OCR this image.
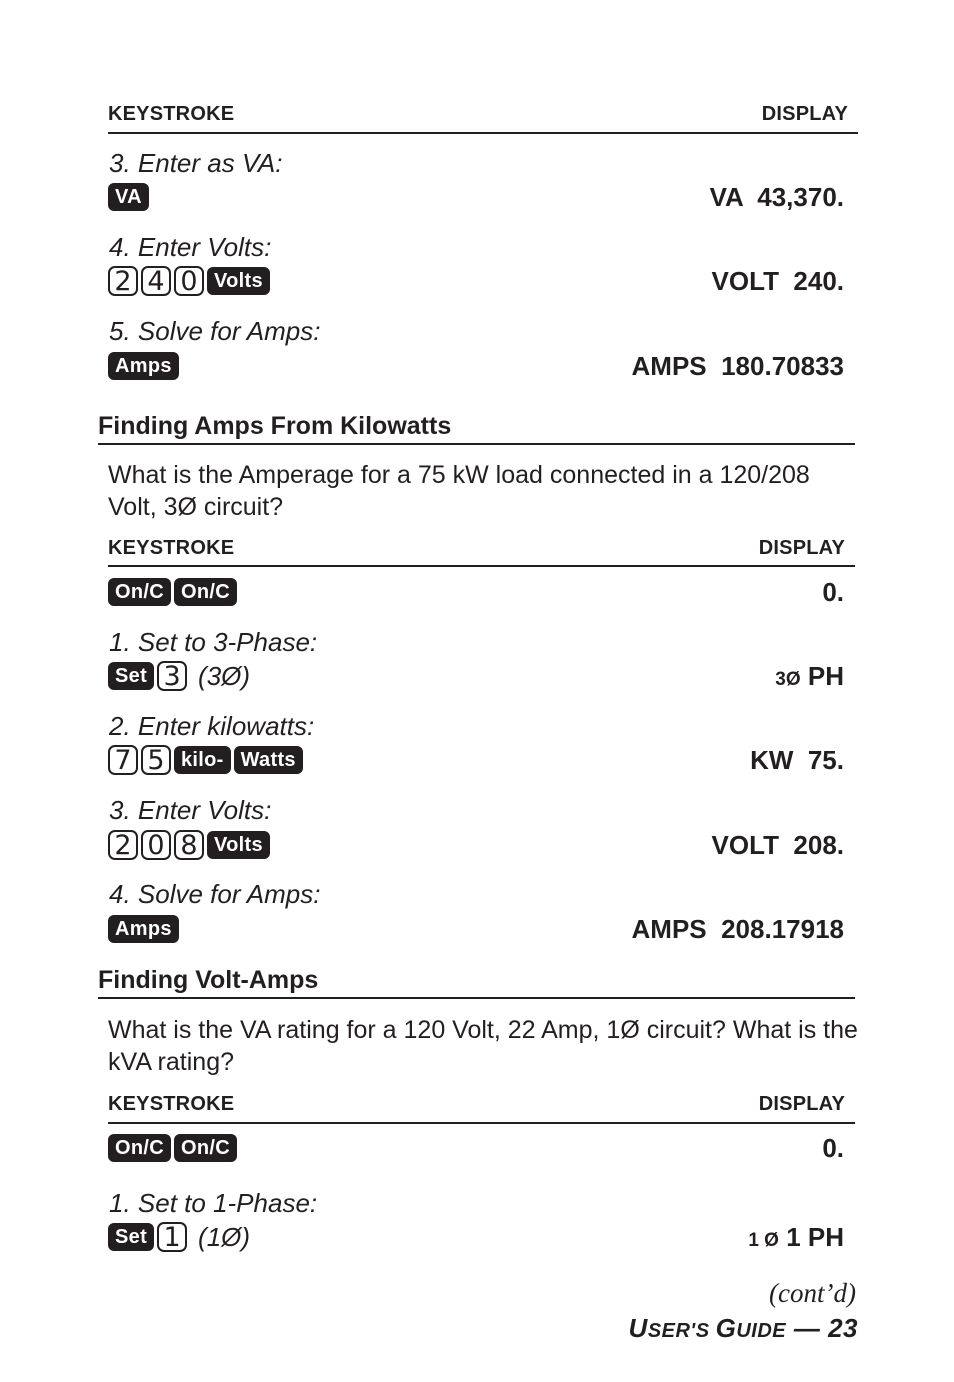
KEYSTROKE	DISPLAY
3. Enter as VA:
VA	VA  43,370.
4. Enter Volts:
2 4 0 Volts	VOLT  240.
5. Solve for Amps:
Amps	AMPS  180.70833
Finding Amps From Kilowatts
What is the Amperage for a 75 kW load connected in a 120/208 Volt, 3Ø circuit?
KEYSTROKE	DISPLAY
On/C On/C	0.
1. Set to 3-Phase:
Set 3 (3Ø)	3Ø PH
2. Enter kilowatts:
7 5 kilo- Watts	KW  75.
3. Enter Volts:
2 0 8 Volts	VOLT  208.
4. Solve for Amps:
Amps	AMPS  208.17918
Finding Volt-Amps
What is the VA rating for a 120 Volt, 22 Amp, 1Ø circuit? What is the kVA rating?
KEYSTROKE	DISPLAY
On/C On/C	0.
1. Set to 1-Phase:
Set 1 (1Ø)	1 Ø 1 PH
(cont’d)
USER'S GUIDE — 23
